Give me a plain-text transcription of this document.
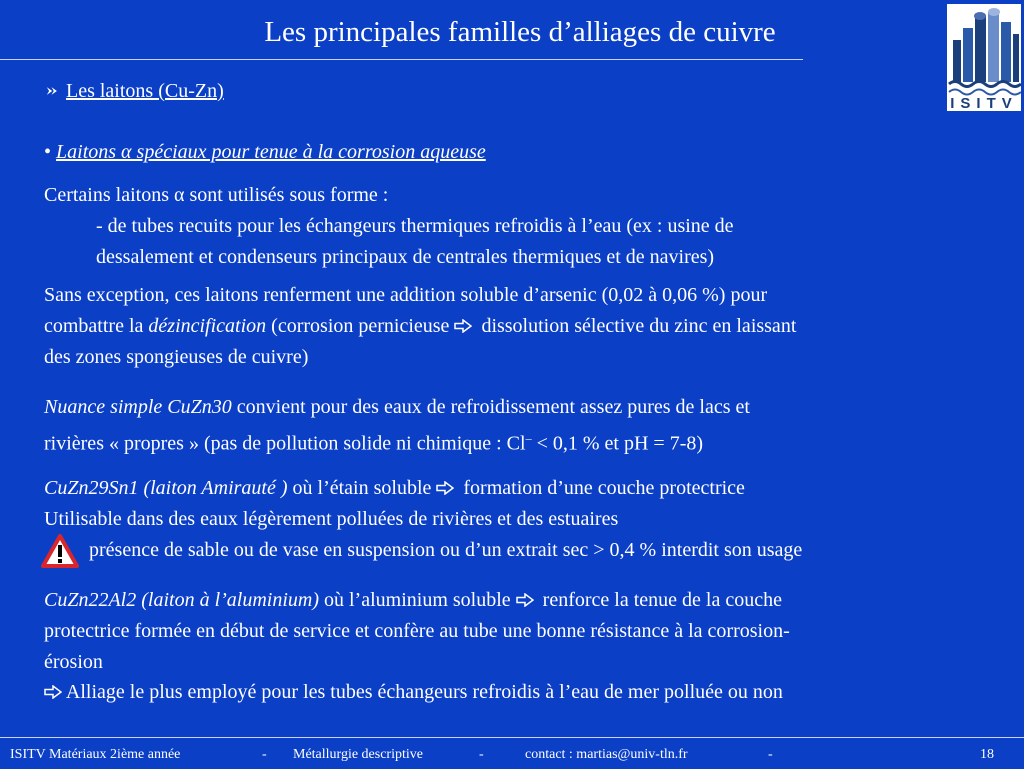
Les principales familles d’alliages de cuivre
ISITV
Les laitons (Cu-Zn)
• Laitons α spéciaux pour tenue à la corrosion aqueuse
Certains laitons α sont utilisés sous forme :
- de tubes recuits pour les échangeurs thermiques refroidis à l’eau (ex : usine de
dessalement et condenseurs principaux de centrales thermiques et de navires)
Sans exception, ces laitons renferment une addition soluble d’arsenic (0,02 à 0,06 %) pour
combattre la dézincification (corrosion pernicieuse  dissolution sélective du zinc en laissant
des zones spongieuses de cuivre)
Nuance simple CuZn30 convient pour des eaux de refroidissement assez pures de lacs et
rivières « propres » (pas de pollution solide ni chimique : Cl– < 0,1 % et pH = 7-8)
CuZn29Sn1 (laiton Amirauté ) où l’étain soluble  formation d’une couche protectrice
Utilisable dans des eaux légèrement polluées de rivières et des estuaires
présence de sable ou de vase en suspension ou d’un extrait sec > 0,4 % interdit son usage
CuZn22Al2 (laiton à l’aluminium) où l’aluminium soluble  renforce la tenue de la couche
protectrice formée en début de service et confère au tube une bonne résistance à la corrosion-
érosion
Alliage le plus employé pour les tubes échangeurs refroidis à l’eau de mer polluée ou non
ISITV Matériaux 2ième année	- Métallurgie descriptive	-	contact : martias@univ-tln.fr	-	18
